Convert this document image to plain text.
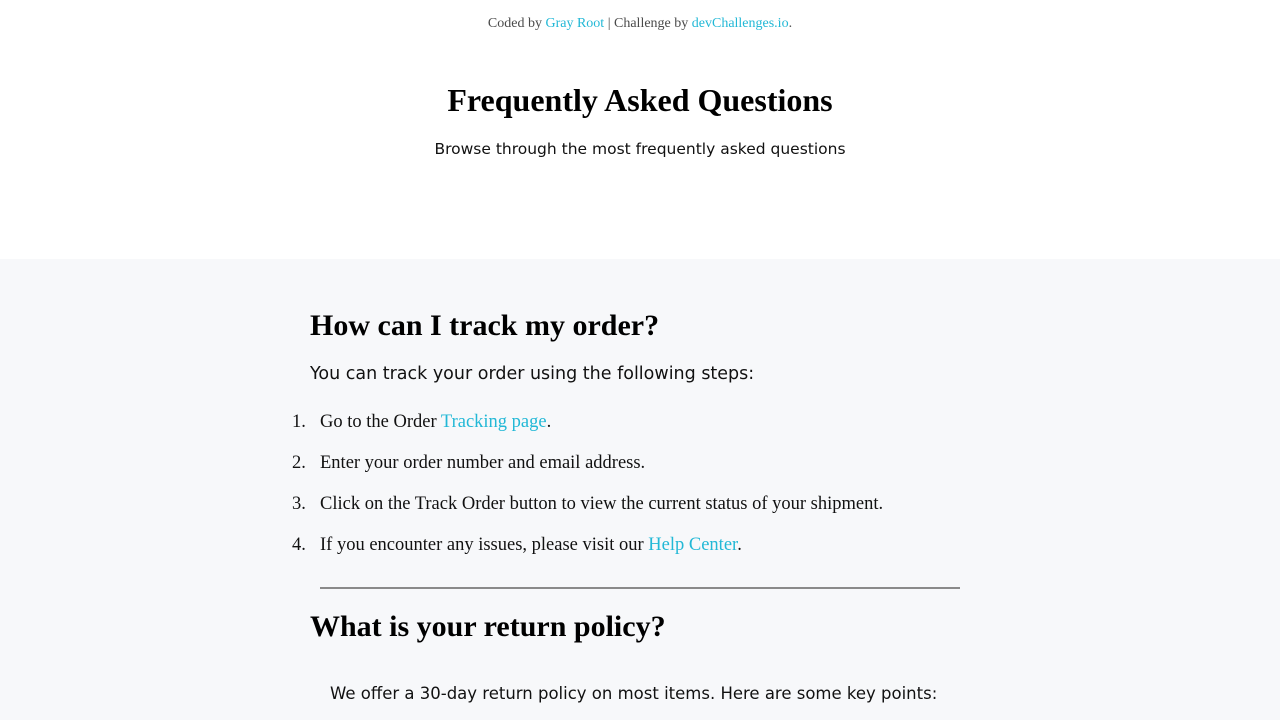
Coded by Gray Root | Challenge by devChallenges.io.
Frequently Asked Questions

Browse through the most frequently asked questions

How can I track my order?

You can track your order using the following steps:

1. Go to the Order Tracking page.
2. Enter your order number and email address.
3. Click on the Track Order button to view the current status of your shipment.
4. If you encounter any issues, please visit our Help Center.
What is your return policy?

We offer a 30-day return policy on most items. Here are some key points:
